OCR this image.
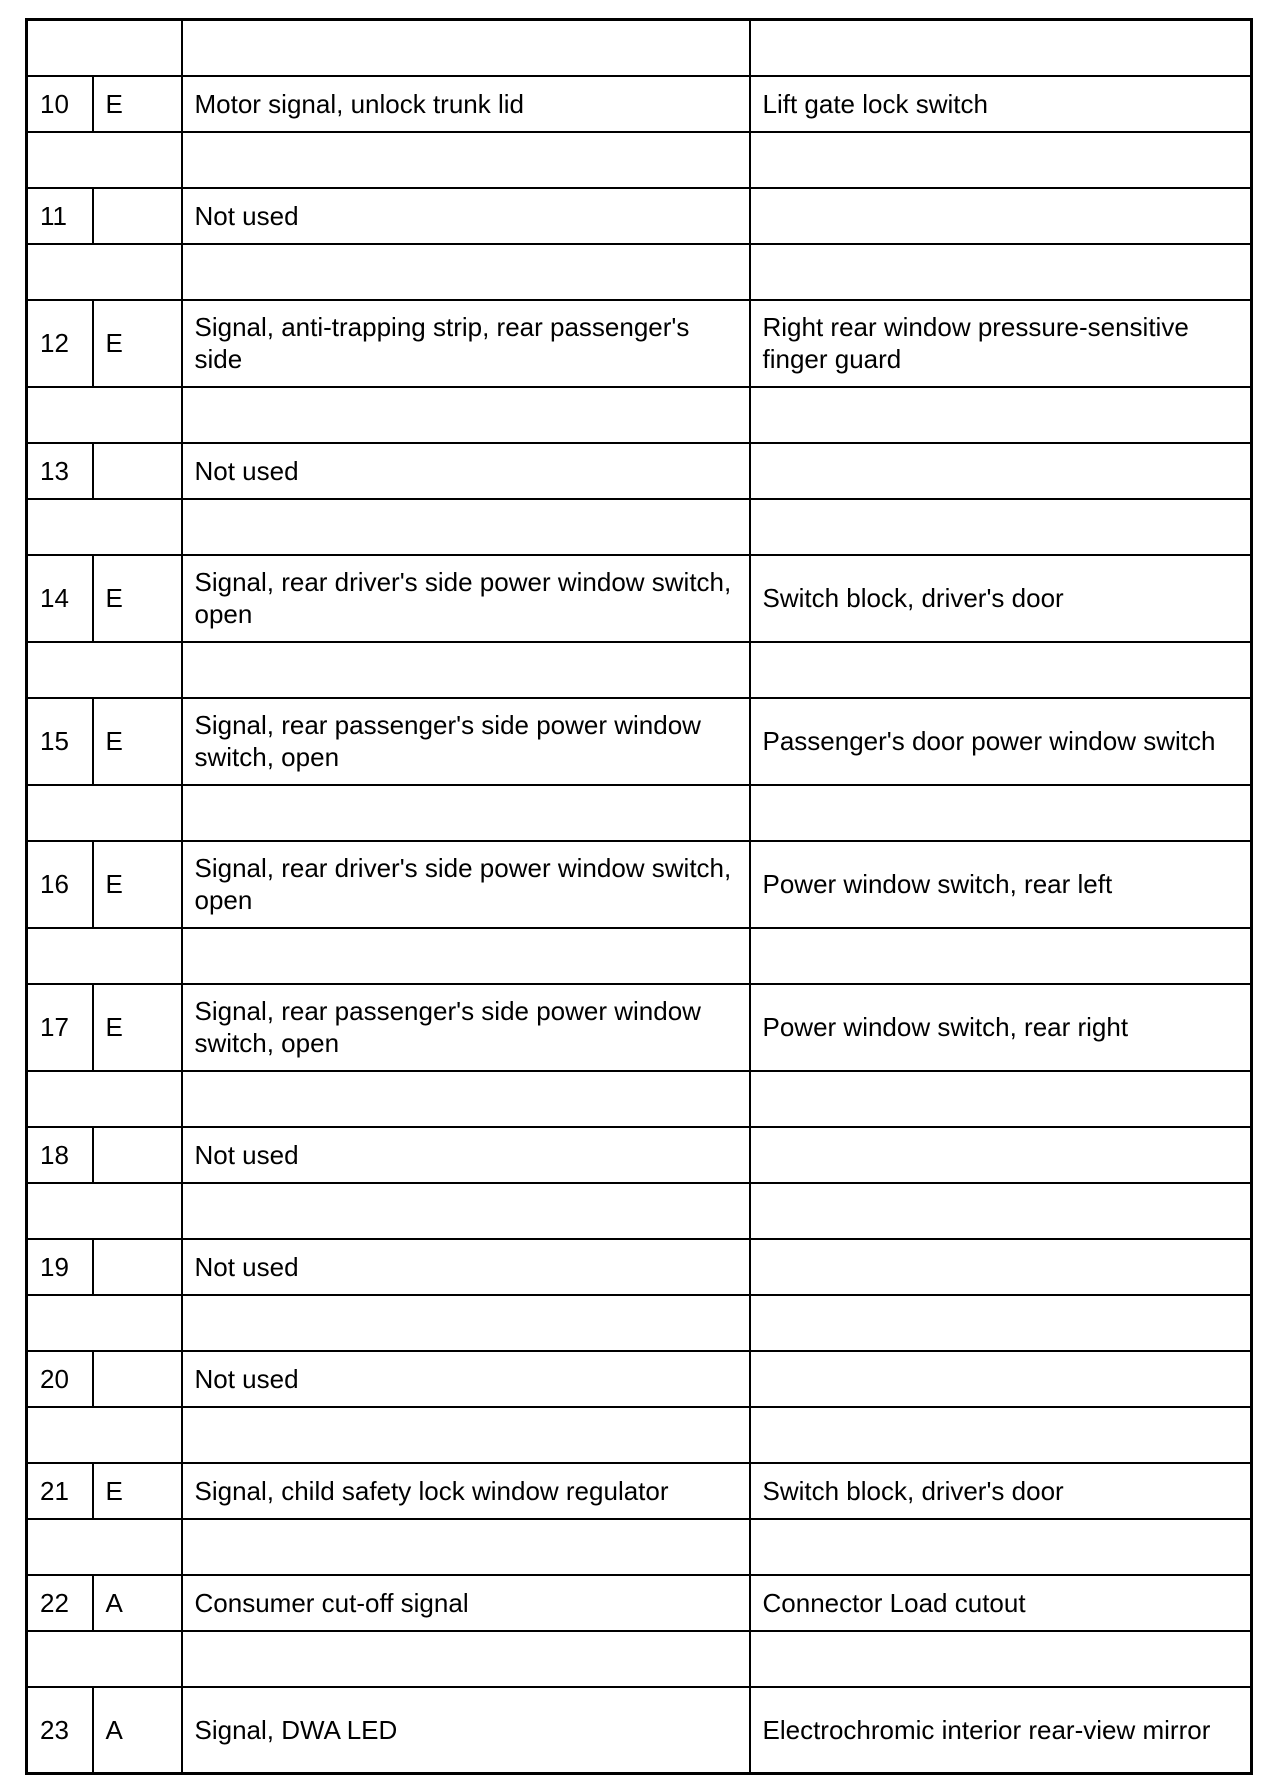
10	E	Motor signal, unlock trunk lid	Lift gate lock switch

11		Not used	

12	E	Signal, anti-trapping strip, rear passenger's side	Right rear window pressure-sensitive finger guard

13		Not used	

14	E	Signal, rear driver's side power window switch, open	Switch block, driver's door

15	E	Signal, rear passenger's side power window switch, open	Passenger's door power window switch

16	E	Signal, rear driver's side power window switch, open	Power window switch, rear left

17	E	Signal, rear passenger's side power window switch, open	Power window switch, rear right

18		Not used	

19		Not used	

20		Not used	

21	E	Signal, child safety lock window regulator	Switch block, driver's door

22	A	Consumer cut-off signal	Connector Load cutout

23	A	Signal, DWA LED	Electrochromic interior rear-view mirror
